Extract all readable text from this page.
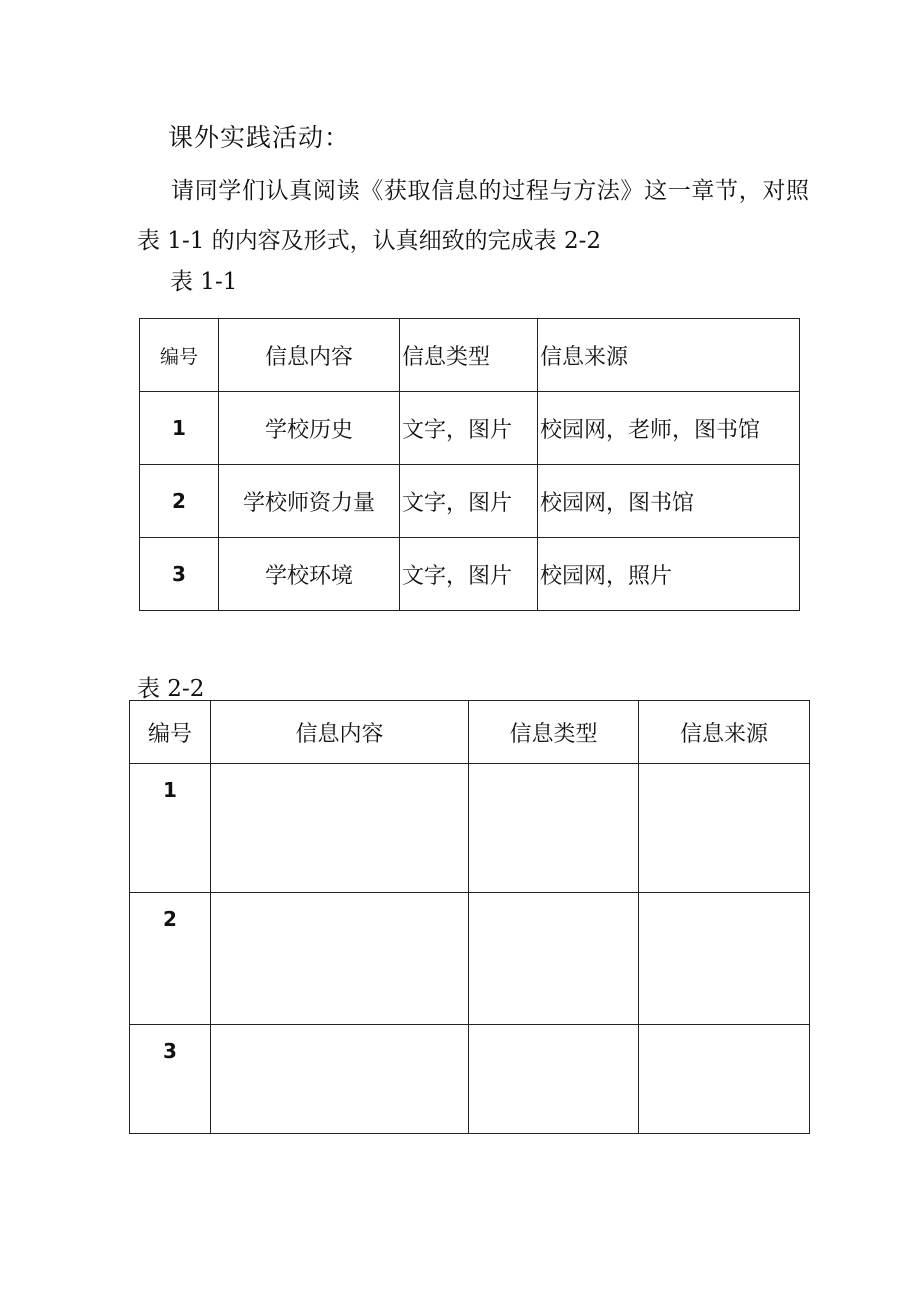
课外实践活动：
请同学们认真阅读《获取信息的过程与方法》这一章节，对照表 1-1 的内容及形式，认真细致的完成表 2-2
表 1-1
编号	信息内容	信息类型	信息来源
1	学校历史	文字，图片	校园网，老师，图书馆
2	学校师资力量	文字，图片	校园网，图书馆
3	学校环境	文字，图片	校园网，照片
表 2-2
编号	信息内容	信息类型	信息来源
1			
2			
3			
